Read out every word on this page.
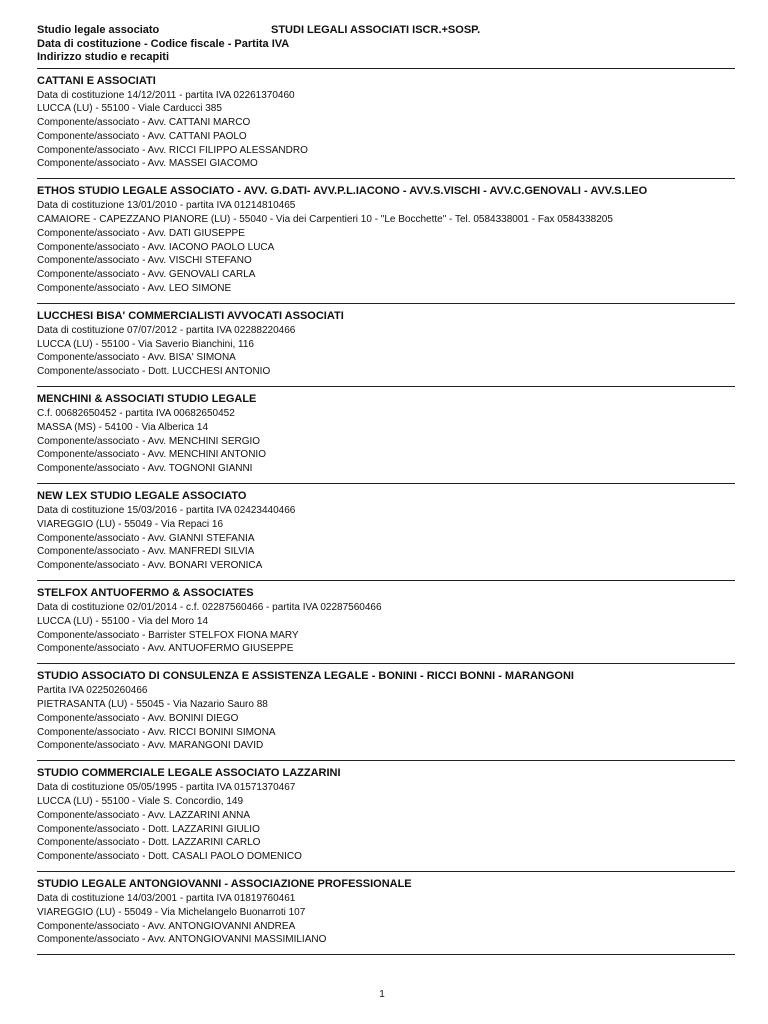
Studio legale associato	STUDI LEGALI ASSOCIATI ISCR.+SOSP.
Data di costituzione - Codice fiscale - Partita IVA
Indirizzo studio e recapiti
CATTANI E ASSOCIATI
Data di costituzione 14/12/2011 - partita IVA 02261370460
LUCCA (LU) - 55100 - Viale Carducci 385
Componente/associato - Avv. CATTANI MARCO
Componente/associato - Avv. CATTANI PAOLO
Componente/associato - Avv. RICCI FILIPPO ALESSANDRO
Componente/associato - Avv. MASSEI GIACOMO
ETHOS STUDIO LEGALE ASSOCIATO - AVV. G.DATI- AVV.P.L.IACONO - AVV.S.VISCHI - AVV.C.GENOVALI - AVV.S.LEO
Data di costituzione 13/01/2010 - partita IVA 01214810465
CAMAIORE - CAPEZZANO PIANORE (LU) - 55040 - Via dei Carpentieri 10 - "Le Bocchette" - Tel. 0584338001 - Fax 0584338205
Componente/associato - Avv. DATI GIUSEPPE
Componente/associato - Avv. IACONO PAOLO LUCA
Componente/associato - Avv. VISCHI STEFANO
Componente/associato - Avv. GENOVALI CARLA
Componente/associato - Avv. LEO SIMONE
LUCCHESI BISA' COMMERCIALISTI AVVOCATI ASSOCIATI
Data di costituzione 07/07/2012 - partita IVA 02288220466
LUCCA (LU) - 55100 - Via Saverio Bianchini, 116
Componente/associato - Avv. BISA' SIMONA
Componente/associato - Dott. LUCCHESI ANTONIO
MENCHINI & ASSOCIATI STUDIO LEGALE
C.f. 00682650452 - partita IVA 00682650452
MASSA (MS) - 54100 - Via Alberica 14
Componente/associato - Avv. MENCHINI SERGIO
Componente/associato - Avv. MENCHINI ANTONIO
Componente/associato - Avv. TOGNONI GIANNI
NEW LEX STUDIO LEGALE ASSOCIATO
Data di costituzione 15/03/2016 - partita IVA 02423440466
VIAREGGIO (LU) - 55049 - Via Repaci 16
Componente/associato - Avv. GIANNI STEFANIA
Componente/associato - Avv. MANFREDI SILVIA
Componente/associato - Avv. BONARI VERONICA
STELFOX ANTUOFERMO & ASSOCIATES
Data di costituzione 02/01/2014 - c.f. 02287560466 - partita IVA 02287560466
LUCCA (LU) - 55100 - Via del Moro 14
Componente/associato - Barrister STELFOX FIONA MARY
Componente/associato - Avv. ANTUOFERMO GIUSEPPE
STUDIO ASSOCIATO DI CONSULENZA E ASSISTENZA LEGALE - BONINI - RICCI BONNI - MARANGONI
Partita IVA 02250260466
PIETRASANTA (LU) - 55045 - Via Nazario Sauro 88
Componente/associato - Avv. BONINI DIEGO
Componente/associato - Avv. RICCI BONINI SIMONA
Componente/associato - Avv. MARANGONI DAVID
STUDIO COMMERCIALE LEGALE ASSOCIATO LAZZARINI
Data di costituzione 05/05/1995 - partita IVA 01571370467
LUCCA (LU) - 55100 - Viale S. Concordio, 149
Componente/associato - Avv. LAZZARINI ANNA
Componente/associato - Dott. LAZZARINI GIULIO
Componente/associato - Dott. LAZZARINI CARLO
Componente/associato - Dott. CASALI PAOLO DOMENICO
STUDIO LEGALE ANTONGIOVANNI - ASSOCIAZIONE PROFESSIONALE
Data di costituzione 14/03/2001 - partita IVA 01819760461
VIAREGGIO (LU) - 55049 - Via Michelangelo Buonarroti 107
Componente/associato - Avv. ANTONGIOVANNI ANDREA
Componente/associato - Avv. ANTONGIOVANNI MASSIMILIANO
1
